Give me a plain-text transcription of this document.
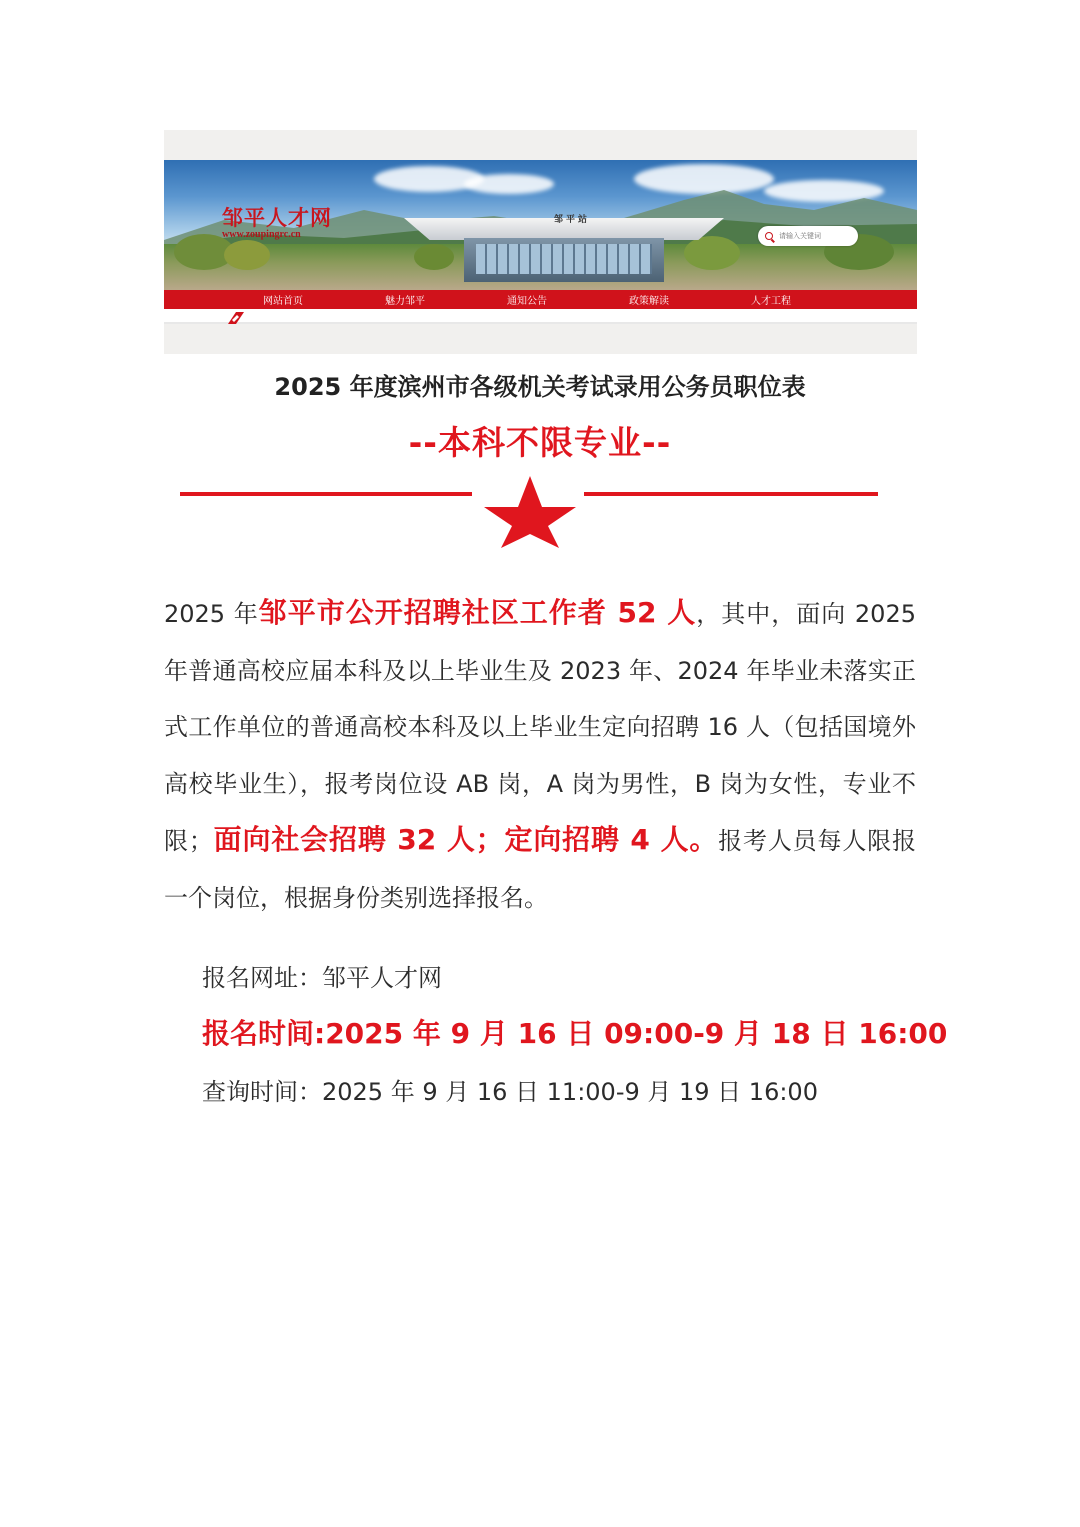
邹平站
邹平人才网
www.zoupingrc.cn
请输入关键词
网站首页	魅力邹平	通知公告	政策解读	人才工程
2025 年度滨州市各级机关考试录用公务员职位表
--本科不限专业--
2025 年邹平市公开招聘社区工作者 52 人，其中，面向 2025 年普通高校应届本科及以上毕业生及 2023 年、2024 年毕业未落实正式工作单位的普通高校本科及以上毕业生定向招聘 16 人（包括国境外高校毕业生），报考岗位设 AB 岗，A 岗为男性，B 岗为女性，专业不限；面向社会招聘 32 人；定向招聘 4 人。报考人员每人限报一个岗位，根据身份类别选择报名。
报名网址：邹平人才网
报名时间:2025 年 9 月 16 日 09:00-9 月 18 日 16:00
查询时间：2025 年 9 月 16 日 11:00-9 月 19 日 16:00
